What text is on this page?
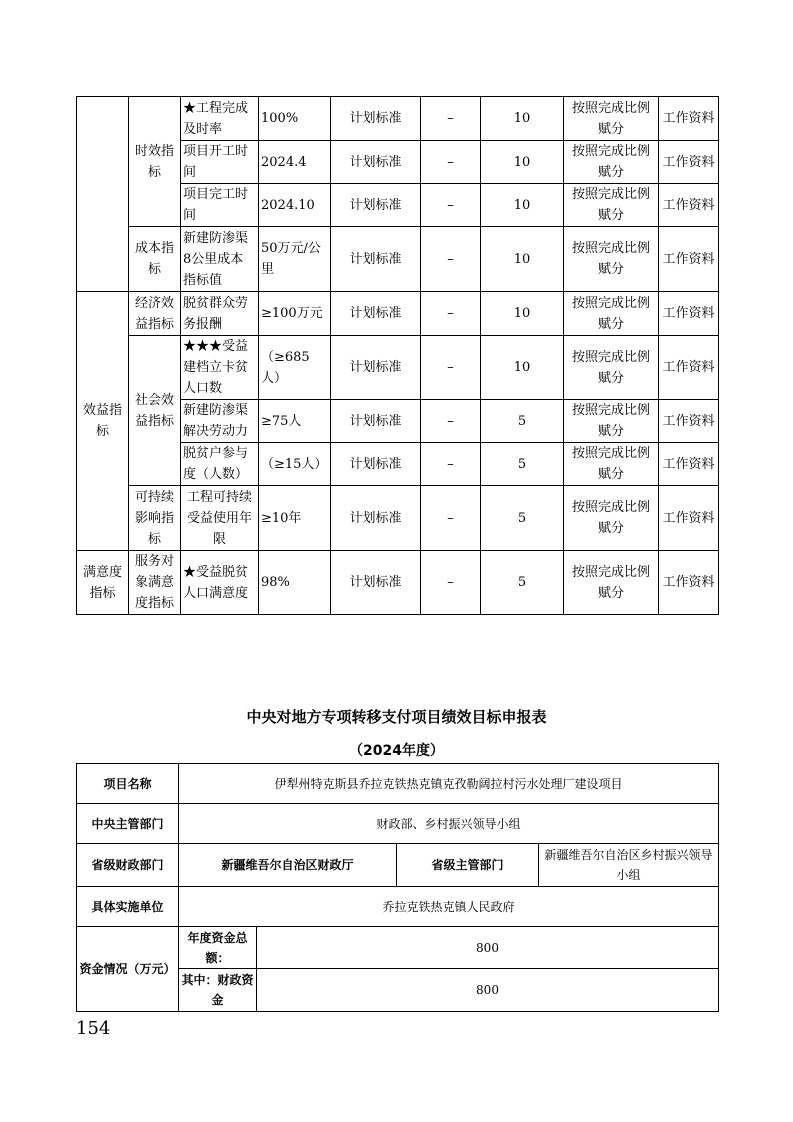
	时效指标	★工程完成及时率	100%	计划标准	–	10	按照完成比例赋分	工作资料
		项目开工时间	2024.4	计划标准	–	10	按照完成比例赋分	工作资料
		项目完工时间	2024.10	计划标准	–	10	按照完成比例赋分	工作资料
	成本指标	新建防渗渠8公里成本指标值	50万元/公里	计划标准	–	10	按照完成比例赋分	工作资料
效益指标	经济效益指标	脱贫群众劳务报酬	≥100万元	计划标准	–	10	按照完成比例赋分	工作资料
	社会效益指标	★★★受益建档立卡贫人口数	（≥685人）	计划标准	–	10	按照完成比例赋分	工作资料
		新建防渗渠解决劳动力	≥75人	计划标准	–	5	按照完成比例赋分	工作资料
		脱贫户参与度（人数）	（≥15人）	计划标准	–	5	按照完成比例赋分	工作资料
	可持续影响指标	工程可持续受益使用年限	≥10年	计划标准	–	5	按照完成比例赋分	工作资料
满意度指标	服务对象满意度指标	★受益脱贫人口满意度	98%	计划标准	–	5	按照完成比例赋分	工作资料
中央对地方专项转移支付项目绩效目标申报表
（2024年度）
项目名称	伊犁州特克斯县乔拉克铁热克镇克孜勒阔拉村污水处理厂建设项目			
中央主管部门	财政部、乡村振兴领导小组			
省级财政部门	新疆维吾尔自治区财政厅		省级主管部门	新疆维吾尔自治区乡村振兴领导小组
具体实施单位	乔拉克铁热克镇人民政府			
资金情况（万元）	年度资金总额：	800		
	其中：财政资金	800		
154
